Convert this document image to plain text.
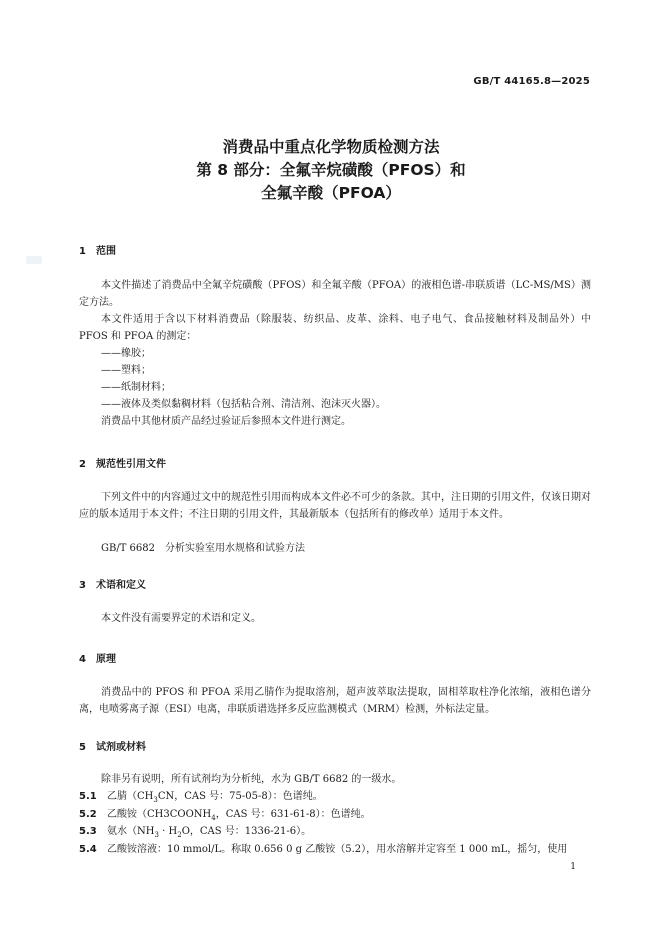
GB/T 44165.8—2025
消费品中重点化学物质检测方法
第 8 部分：全氟辛烷磺酸（PFOS）和
全氟辛酸（PFOA）
1 范围
本文件描述了消费品中全氟辛烷磺酸（PFOS）和全氟辛酸（PFOA）的液相色谱-串联质谱（LC-MS/MS）测定方法。
本文件适用于含以下材料消费品（除服装、纺织品、皮革、涂料、电子电气、食品接触材料及制品外）中 PFOS 和 PFOA 的测定：
——橡胶；
——塑料；
——纸制材料；
——液体及类似黏稠材料（包括粘合剂、清洁剂、泡沫灭火器）。
消费品中其他材质产品经过验证后参照本文件进行测定。
2 规范性引用文件
下列文件中的内容通过文中的规范性引用而构成本文件必不可少的条款。其中，注日期的引用文件，仅该日期对应的版本适用于本文件；不注日期的引用文件，其最新版本（包括所有的修改单）适用于本文件。
GB/T 6682　分析实验室用水规格和试验方法
3 术语和定义
本文件没有需要界定的术语和定义。
4 原理
消费品中的 PFOS 和 PFOA 采用乙腈作为提取溶剂，超声波萃取法提取，固相萃取柱净化浓缩，液相色谱分离，电喷雾离子源（ESI）电离，串联质谱选择多反应监测模式（MRM）检测，外标法定量。
5 试剂或材料
除非另有说明，所有试剂均为分析纯，水为 GB/T 6682 的一级水。
5.1 乙腈（$CH_3CN$，CAS 号：75-05-8）：色谱纯。
5.2 乙酸铵（$CH3COONH_4$，CAS 号：631-61-8）：色谱纯。
5.3 氨水（$NH_3 \cdot H_2O$，CAS 号：1336-21-6）。
5.4 乙酸铵溶液：10 mmol/L。称取 0.656 0 g 乙酸铵（5.2），用水溶解并定容至 1 000 mL，摇匀，使用
1
